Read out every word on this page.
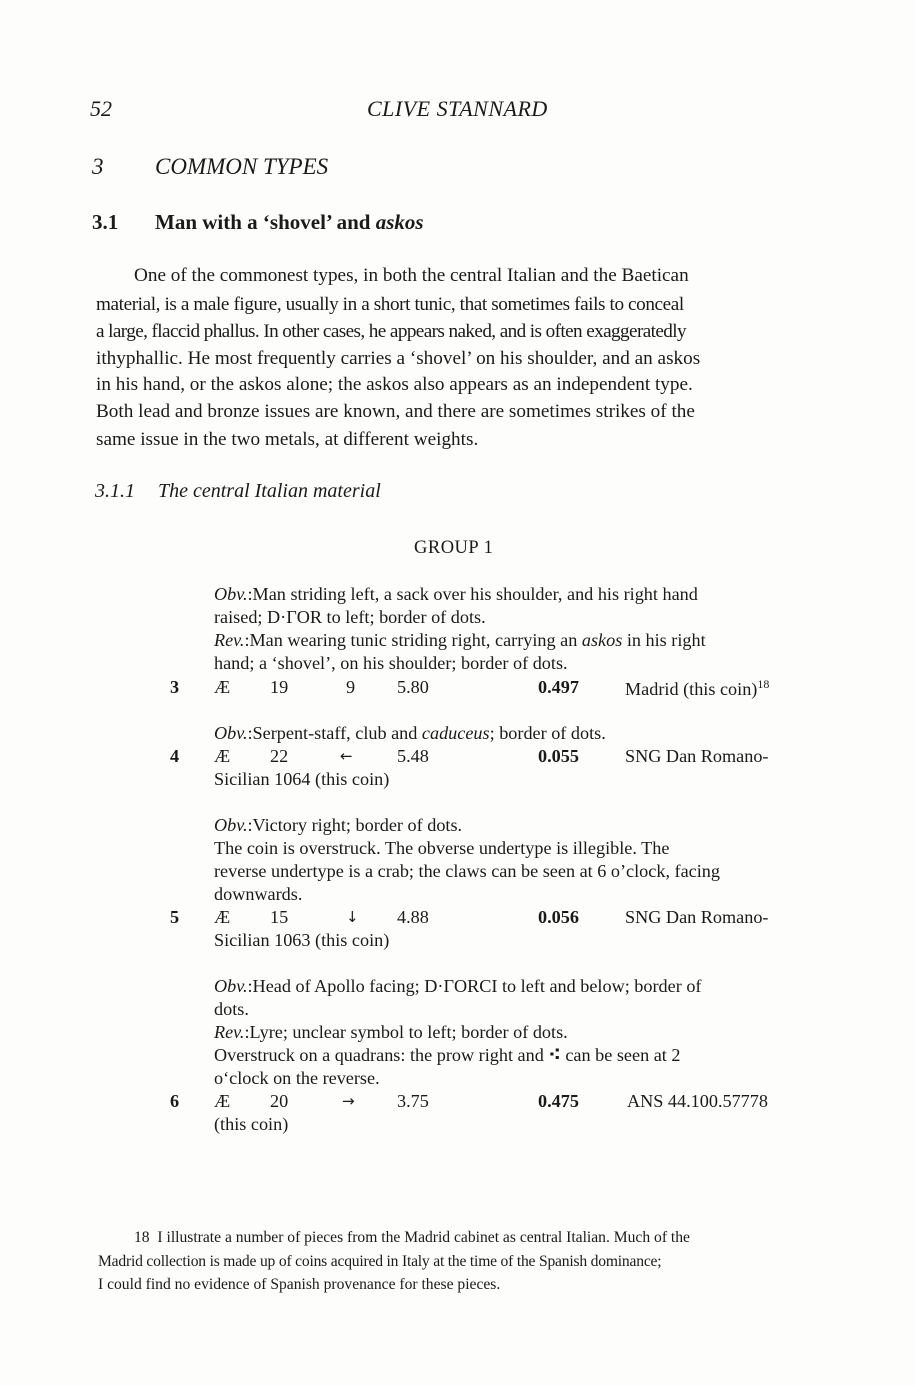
52	CLIVE STANNARD
3 COMMON TYPES
3.1 Man with a ‘shovel’ and askos
One of the commonest types, in both the central Italian and the Baetican
material, is a male figure, usually in a short tunic, that sometimes fails to conceal
a large, flaccid phallus. In other cases, he appears naked, and is often exaggeratedly
ithyphallic. He most frequently carries a ‘shovel’ on his shoulder, and an askos
in his hand, or the askos alone; the askos also appears as an independent type.
Both lead and bronze issues are known, and there are sometimes strikes of the
same issue in the two metals, at different weights.
3.1.1 The central Italian material
GROUP 1
Obv.:Man striding left, a sack over his shoulder, and his right hand
raised; D·ΓOR to left; border of dots.
Rev.:Man wearing tunic striding right, carrying an askos in his right
hand; a ‘shovel’, on his shoulder; border of dots.
3 Æ 19	9 5.80	0.497	Madrid (this coin)$^{18}$
Obv.:Serpent-staff, club and caduceus; border of dots.
4 Æ 22	← 5.48	0.055	SNG Dan Romano-
Sicilian 1064 (this coin)
Obv.:Victory right; border of dots.
The coin is overstruck. The obverse undertype is illegible. The
reverse undertype is a crab; the claws can be seen at 6 o’clock, facing
downwards.
5 Æ 15	↓ 4.88	0.056	SNG Dan Romano-
Sicilian 1063 (this coin)
Obv.:Head of Apollo facing; D·ΓORCI to left and below; border of
dots.
Rev.:Lyre; unclear symbol to left; border of dots.
Overstruck on a quadrans: the prow right and ⁖ can be seen at 2
o‘clock on the reverse.
6 Æ 20	→ 3.75	0.475	ANS 44.100.57778
(this coin)
18 I illustrate a number of pieces from the Madrid cabinet as central Italian. Much of the
Madrid collection is made up of coins acquired in Italy at the time of the Spanish dominance;
I could find no evidence of Spanish provenance for these pieces.
